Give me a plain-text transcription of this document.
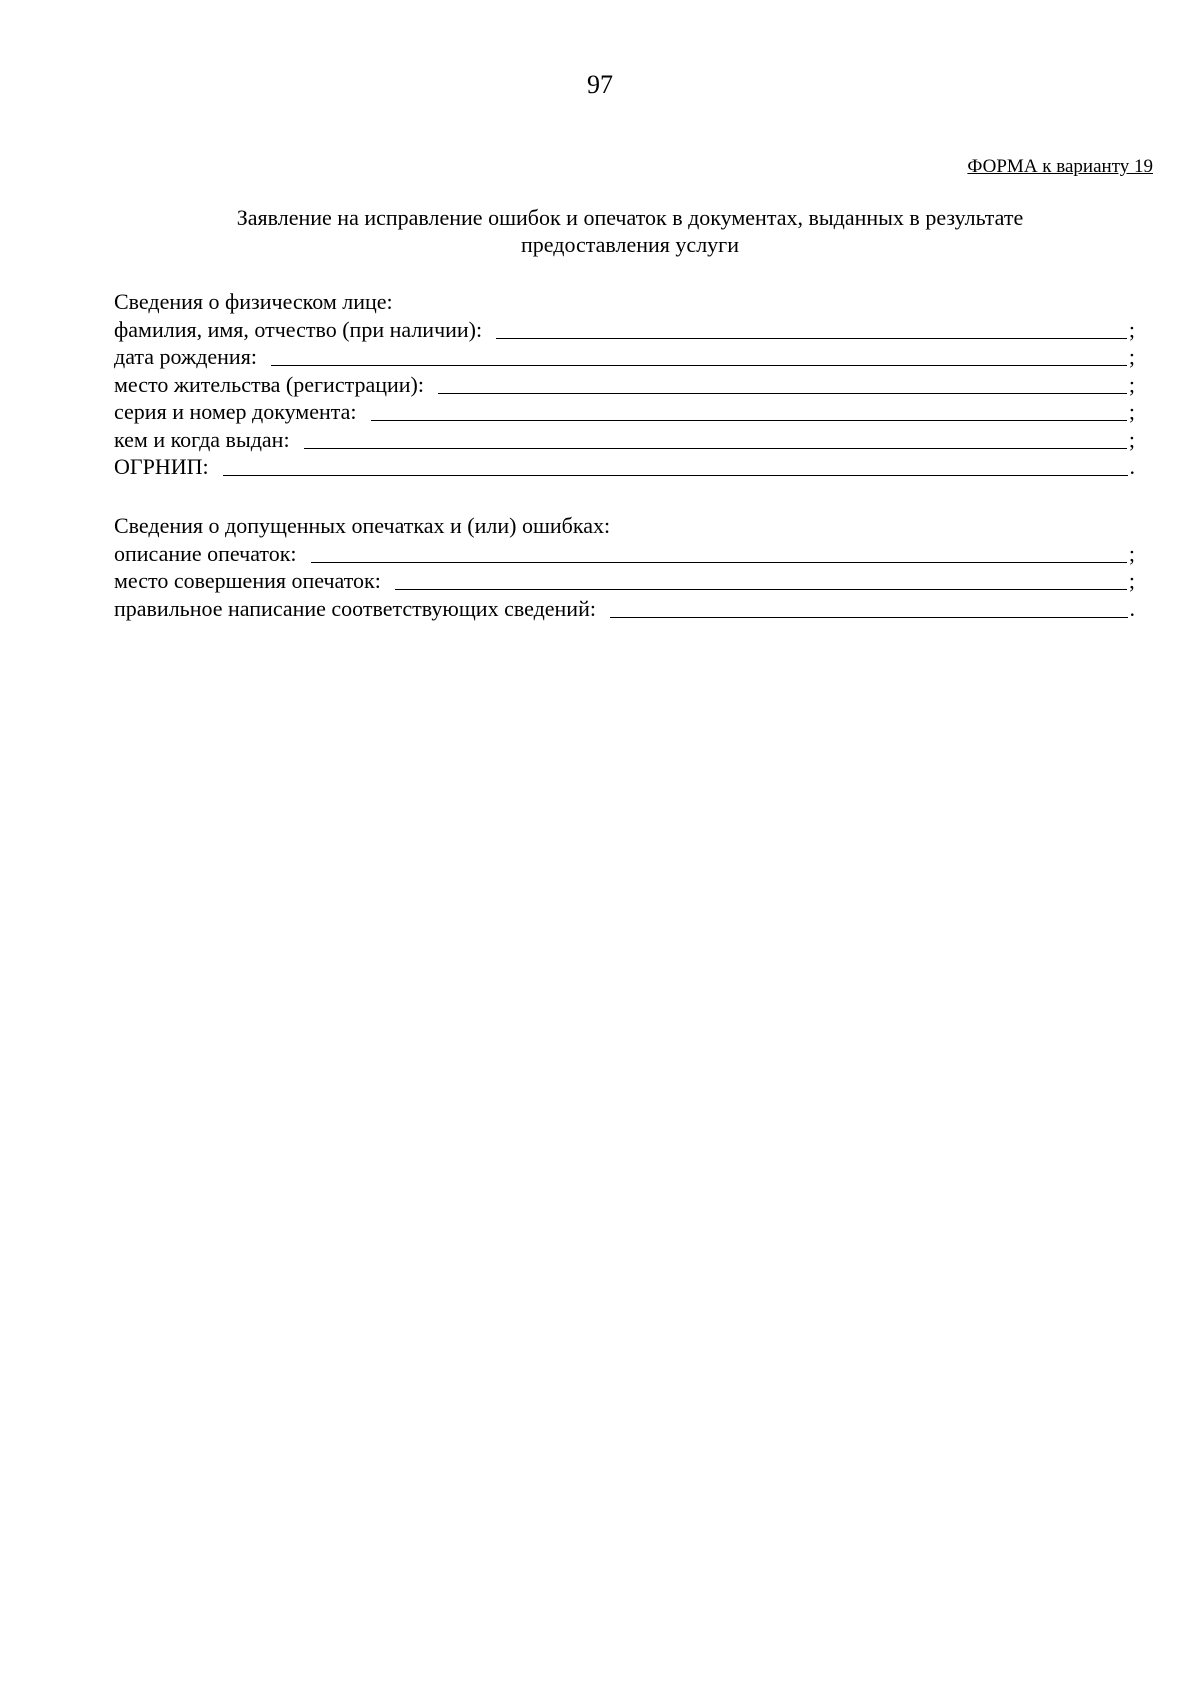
97
ФОРМА к варианту 19
Заявление на исправление ошибок и опечаток в документах, выданных в результате
предоставления услуги
Сведения о физическом лице:
фамилия, имя, отчество (при наличии):	;
дата рождения:	;
место жительства (регистрации):	;
серия и номер документа:	;
кем и когда выдан:	;
ОГРНИП:	.
Сведения о допущенных опечатках и (или) ошибках:
описание опечаток:	;
место совершения опечаток:	;
правильное написание соответствующих сведений:	.
